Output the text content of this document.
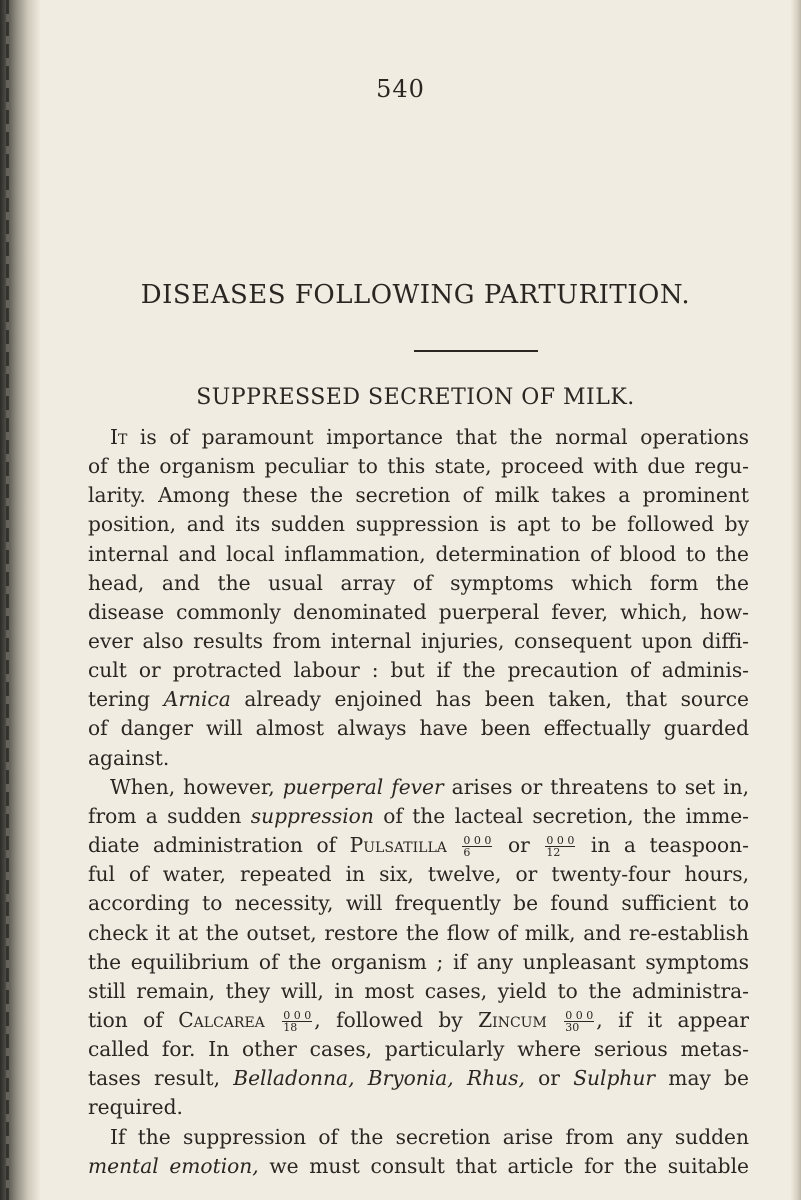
540
DISEASES FOLLOWING PARTURITION.
SUPPRESSED SECRETION OF MILK.
It is of paramount importance that the normal operations
of the organism peculiar to this state, proceed with due regu-
larity. Among these the secretion of milk takes a prominent
position, and its sudden suppression is apt to be followed by
internal and local inflammation, determination of blood to the
head, and the usual array of symptoms which form the
disease commonly denominated puerperal fever, which, how-
ever also results from internal injuries, consequent upon diffi-
cult or protracted labour : but if the precaution of adminis-
tering Arnica already enjoined has been taken, that source
of danger will almost always have been effectually guarded
against.
When, however, puerperal fever arises or threatens to set in,
from a sudden suppression of the lacteal secretion, the imme-
diate administration of Pulsatilla $\frac{0 0 0}{6}$ or $\frac{0 0 0}{12}$ in a teaspoon-
ful of water, repeated in six, twelve, or twenty-four hours,
according to necessity, will frequently be found sufficient to
check it at the outset, restore the flow of milk, and re-establish
the equilibrium of the organism ; if any unpleasant symptoms
still remain, they will, in most cases, yield to the administra-
tion of Calcarea $\frac{0 0 0}{18}$ , followed by Zincum $\frac{0 0 0}{30}$ , if it appear
called for. In other cases, particularly where serious metas-
tases result, Belladonna, Bryonia, Rhus, or Sulphur may be
required.
If the suppression of the secretion arise from any sudden
mental emotion, we must consult that article for the suitable
